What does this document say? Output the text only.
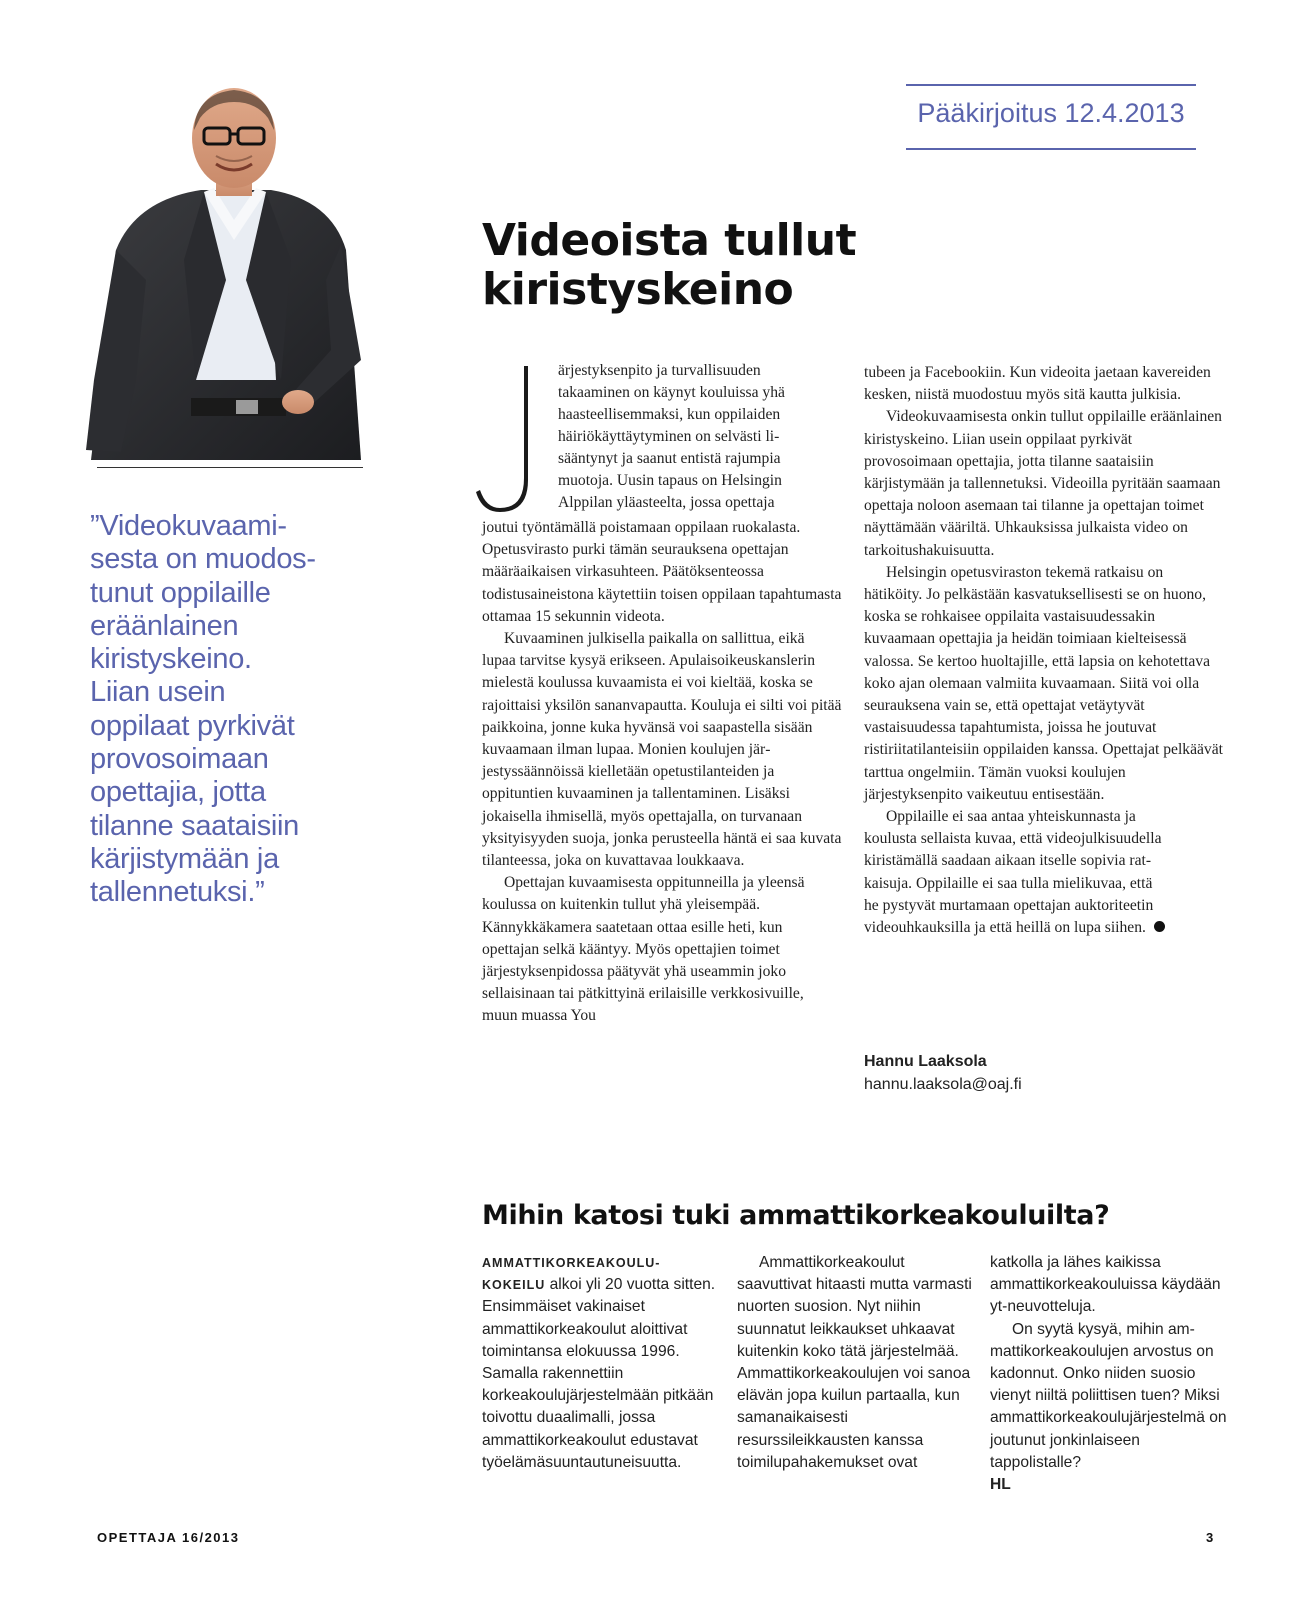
Pääkirjoitus 12.4.2013
”Videokuvaami-
sesta on muodos-
tunut oppilaille
eräänlainen
kiristyskeino.
Liian usein
oppilaat pyrkivät
provosoimaan
opettajia, jotta
tilanne saataisiin
kärjistymään ja
tallennetuksi.”
Videoista tullut kiristyskeino
ärjestyksenpito ja turvallisuuden
takaaminen on käynyt kouluissa yhä
haasteellisemmaksi, kun oppilaiden
häiriökäyttäytyminen on selvästi li-
sääntynyt ja saanut entistä rajumpia
muotoja. Uusin tapaus on Helsingin
Alppilan yläasteelta, jossa opettaja

joutui työntämällä poistamaan oppilaan ruokalasta. Opetusvirasto purki tämän seurauksena opettajan määräaikaisen virkasuhteen. Päätöksenteossa todistusaineistona käytettiin toisen oppilaan tapahtumasta ottamaa 15 sekunnin videota.

Kuvaaminen julkisella paikalla on sallittua, eikä lupaa tarvitse kysyä erikseen. Apulaisoikeuskanslerin mielestä koulussa kuvaamista ei voi kieltää, koska se rajoittaisi yksilön sananvapautta. Kouluja ei silti voi pitää paikkoina, jonne kuka hyvänsä voi saapastella sisään kuvaamaan ilman lupaa. Monien koulujen järjestyssäännöissä kielletään opetustilanteiden ja oppituntien kuvaaminen ja tallentaminen. Lisäksi jokaisella ihmisellä, myös opettajalla, on turvanaan yksityisyyden suoja, jonka perusteella häntä ei saa kuvata tilanteessa, joka on kuvattavaa loukkaava.

Opettajan kuvaamisesta oppitunneilla ja yleensä koulussa on kuitenkin tullut yhä yleisempää. Kännykkäkamera saatetaan ottaa esille heti, kun opettajan selkä kääntyy. Myös opettajien toimet järjestyksenpidossa päätyvät yhä useammin joko sellaisinaan tai pätkittyinä erilaisille verkkosivuille, muun muassa You

tubeen ja Facebookiin. Kun videoita jaetaan kavereiden kesken, niistä muodostuu myös sitä kautta julkisia.

Videokuvaamisesta onkin tullut oppilaille eräänlainen kiristyskeino. Liian usein oppilaat pyrkivät provosoimaan opettajia, jotta tilanne saataisiin kärjistymään ja tallennetuksi. Videoilla pyritään saamaan opettaja noloon asemaan tai tilanne ja opettajan toimet näyttämään vääriltä. Uhkauksissa julkaista video on tarkoitushakuisuutta.

Helsingin opetusviraston tekemä ratkaisu on hätiköity. Jo pelkästään kasvatuksellisesti se on huono, koska se rohkaisee oppilaita vastaisuudessakin kuvaamaan opettajia ja heidän toimiaan kielteisessä valossa. Se kertoo huoltajille, että lapsia on kehotettava koko ajan olemaan valmiita kuvaamaan. Siitä voi olla seurauksena vain se, että opettajat vetäytyvät vastaisuudessa tapahtumista, joissa he joutuvat ristiriitatilanteisiin oppilaiden kanssa. Opettajat pelkäävät tarttua ongelmiin. Tämän vuoksi koulujen järjestyksenpito vaikeutuu entisestään.

Oppilaille ei saa antaa yhteiskunnasta ja
koulusta sellaista kuvaa, että videojulkisuudella
kiristämällä saadaan aikaan itselle sopivia rat-
kaisuja. Oppilaille ei saa tulla mielikuvaa, että
he pystyvät murtamaan opettajan auktoriteetin
videouhkauksilla ja että heillä on lupa siihen.

Hannu Laaksola
hannu.laaksola@oaj.fi
Mihin katosi tuki ammattikorkeakouluilta?

AMMATTIKORKEAKOULU-
KOKEILU alkoi yli 20 vuotta sitten. Ensimmäiset vakinaiset ammattikorkeakoulut aloittivat toimintansa elokuussa 1996. Samalla rakennettiin korkeakoulujärjestelmään pitkään toivottu duaalimalli, jossa ammattikorkeakoulut edustavat työelämäsuuntautuneisuutta.

Ammattikorkeakoulut saavuttivat hitaasti mutta varmasti nuorten suosion. Nyt niihin suunnatut leikkaukset uhkaavat kuitenkin koko tätä järjestelmää. Ammattikorkeakoulujen voi sanoa elävän jopa kuilun partaalla, kun samanaikaisesti resurssileikkausten kanssa toimilupahakemukset ovat

katkolla ja lähes kaikissa ammattikorkeakouluissa käydään yt-neuvotteluja.

On syytä kysyä, mihin ammattikorkeakoulujen arvostus on kadonnut. Onko niiden suosio vienyt niiltä poliittisen tuen? Miksi ammattikorkeakoulujärjestelmä on joutunut jonkinlaiseen tappolistalle?

HL

OPETTAJA 16/2013	3
